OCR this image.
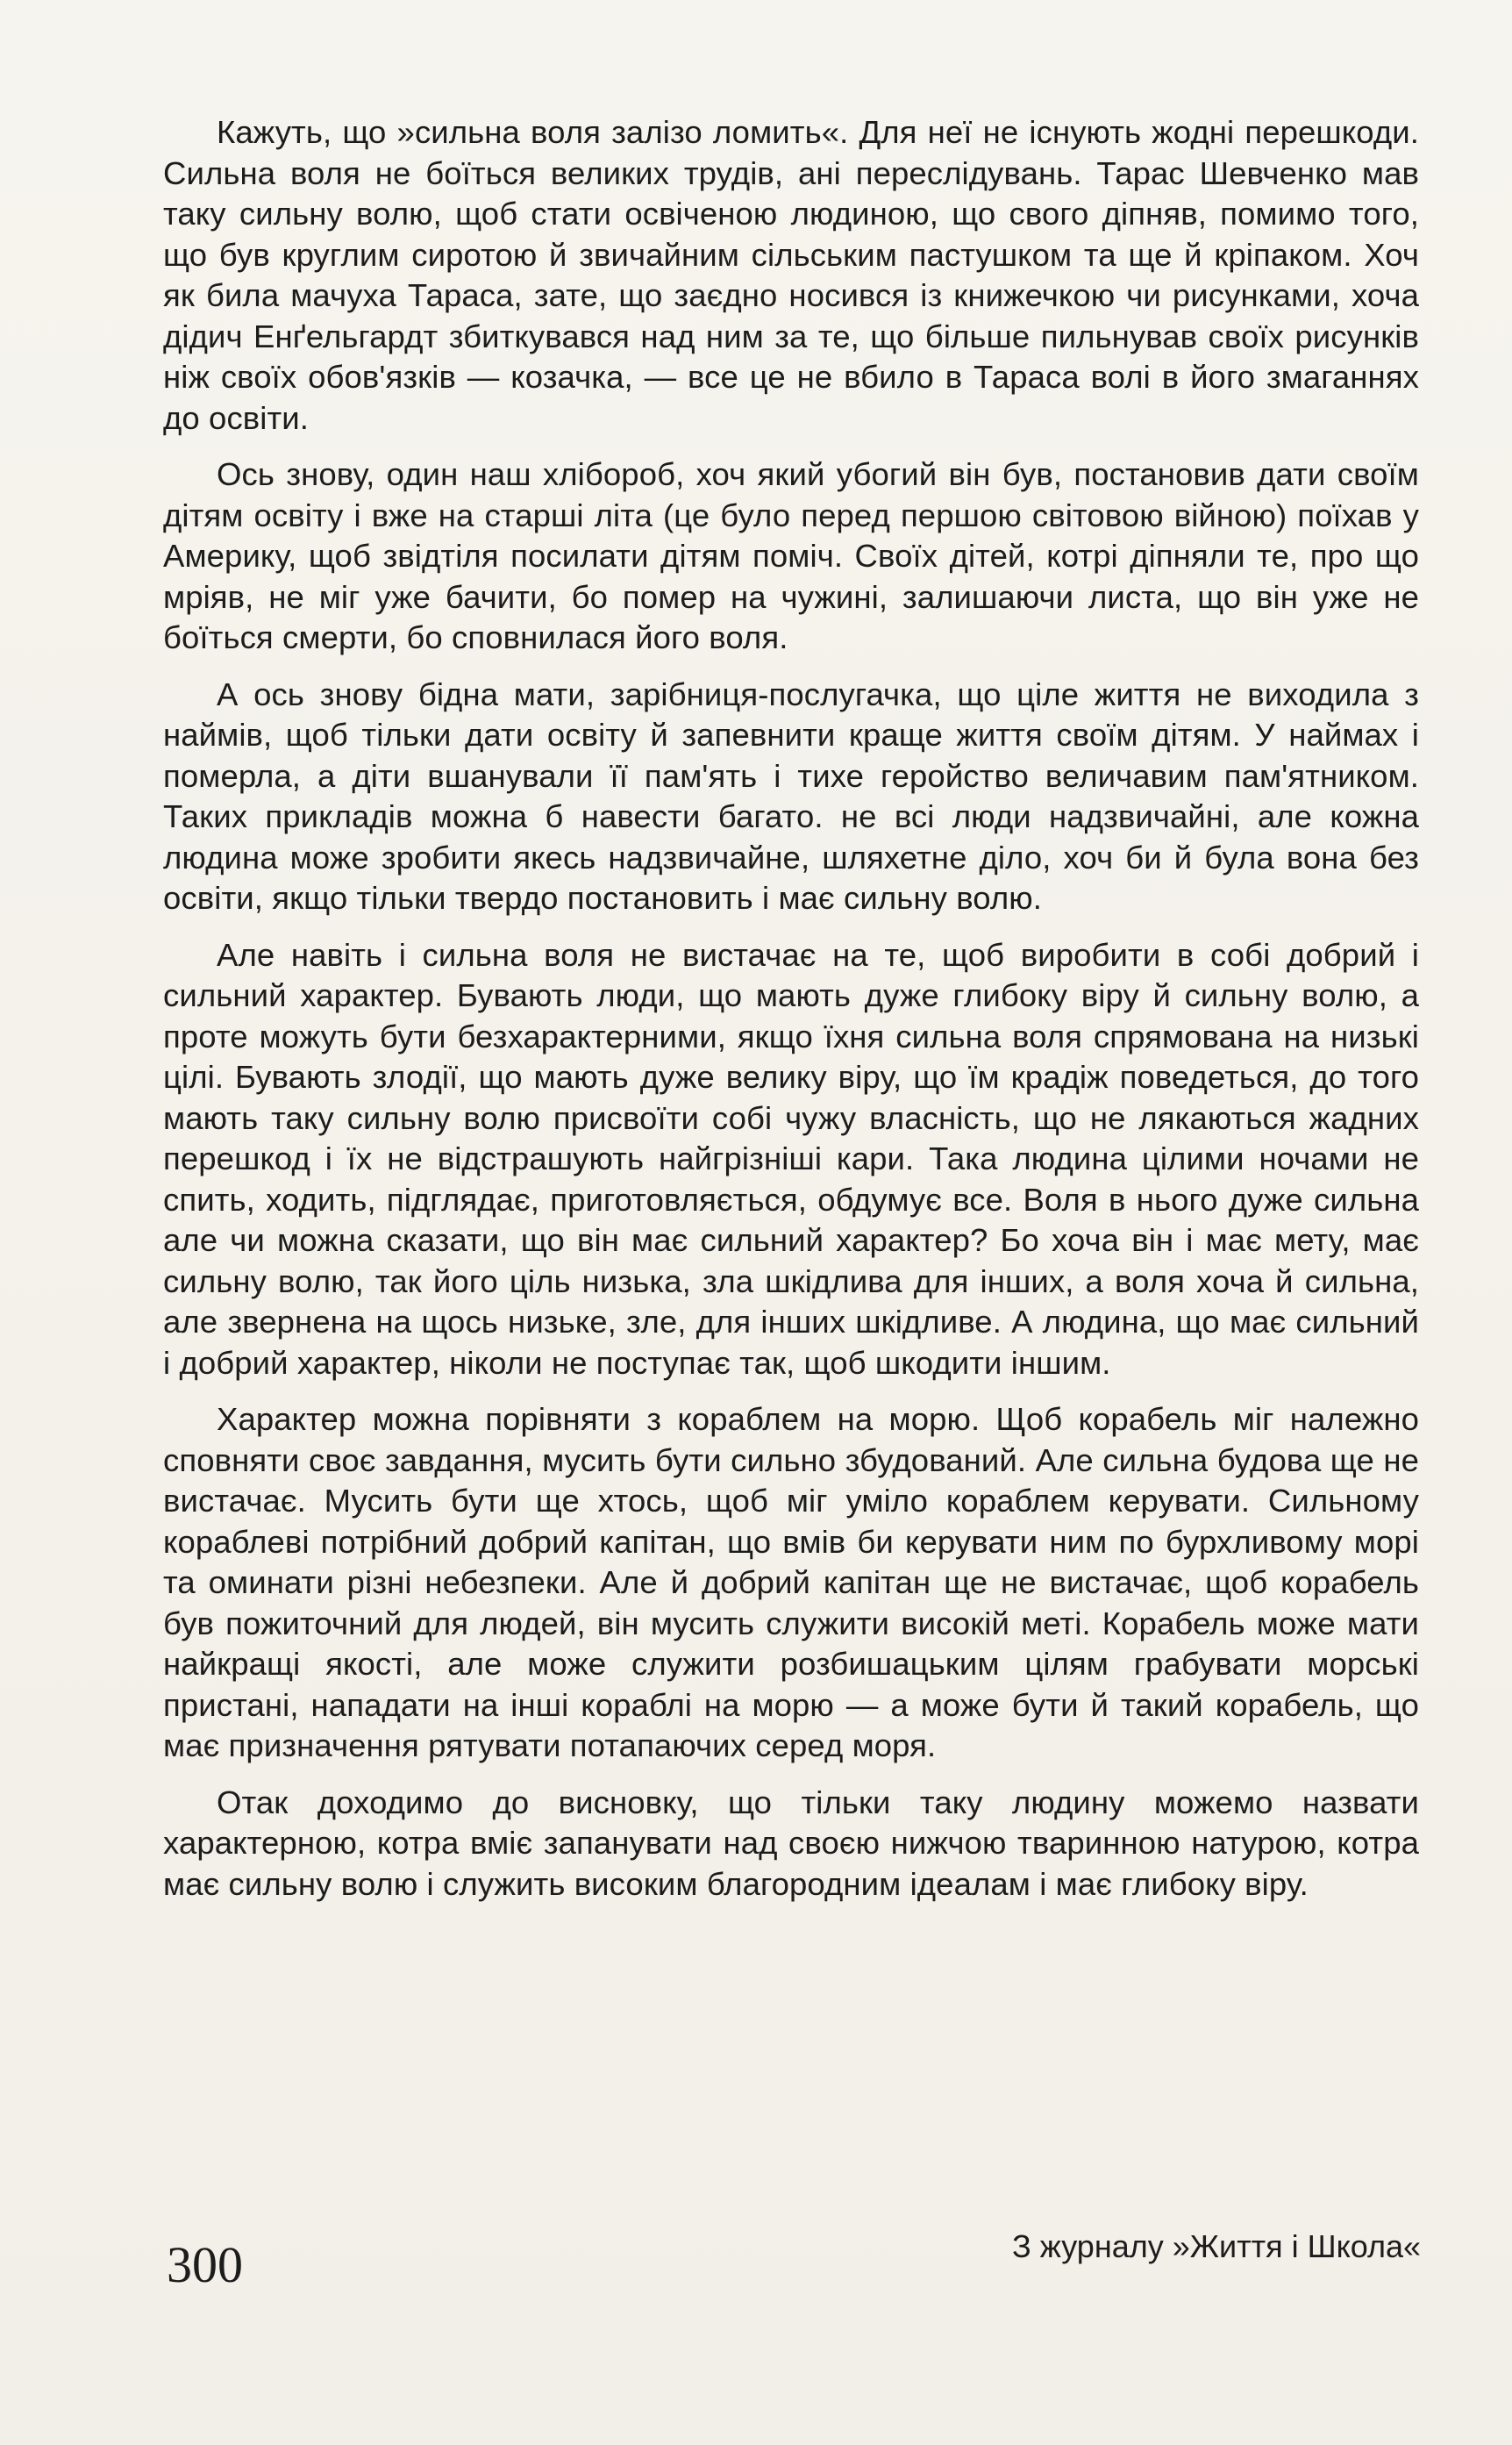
Кажуть, що »сильна воля залізо ломить«. Для неї не існують жодні перешкоди. Сильна воля не боїться великих трудів, ані переслідувань. Тарас Шевченко мав таку сильну волю, щоб стати освіченою людиною, що свого діпняв, помимо того, що був круглим сиротою й звичайним сільським пастушком та ще й кріпаком. Хоч як била мачуха Тараса, зате, що заєдно носився із книжечкою чи рисунками, хоча дідич Енґельгардт збиткувався над ним за те, що більше пильнував своїх рисунків ніж своїх обов'язків — козачка, — все це не вбило в Тараса волі в його змаганнях до освіти.

Ось знову, один наш хлібороб, хоч який убогий він був, постановив дати своїм дітям освіту і вже на старші літа (це було перед першою світовою війною) поїхав у Америку, щоб звідтіля посилати дітям поміч. Своїх дітей, котрі діпняли те, про що мріяв, не міг уже бачити, бо помер на чужині, залишаючи листа, що він уже не боїться смерти, бо сповнилася його воля.

А ось знову бідна мати, зарібниця-послугачка, що ціле життя не виходила з наймів, щоб тільки дати освіту й запевнити краще життя своїм дітям. У наймах і померла, а діти вшанували її пам'ять і тихе геройство величавим пам'ятником. Таких прикладів можна б навести багато. не всі люди надзвичайні, але кожна людина може зробити якесь надзвичайне, шляхетне діло, хоч би й була вона без освіти, якщо тільки твердо постановить і має сильну волю.

Але навіть і сильна воля не вистачає на те, щоб виробити в собі добрий і сильний характер. Бувають люди, що мають дуже глибоку віру й сильну волю, а проте можуть бути безхарактерними, якщо їхня сильна воля спрямована на низькі цілі. Бувають злодії, що мають дуже велику віру, що їм крадіж поведеться, до того мають таку сильну волю присвоїти собі чужу власність, що не лякаються жадних перешкод і їх не відстрашують найгрізніші кари. Така людина цілими ночами не спить, ходить, підглядає, приготовляється, обдумує все. Воля в нього дуже сильна але чи можна сказати, що він має сильний характер? Бо хоча він і має мету, має сильну волю, так його ціль низька, зла шкідлива для інших, а воля хоча й сильна, але звернена на щось низьке, зле, для інших шкідливе. А людина, що має сильний і добрий характер, ніколи не поступає так, щоб шкодити іншим.

Характер можна порівняти з кораблем на морю. Щоб корабель міг належно сповняти своє завдання, мусить бути сильно збудований. Але сильна будова ще не вистачає. Мусить бути ще хтось, щоб міг уміло кораблем керувати. Сильному кораблеві потрібний добрий капітан, що вмів би керувати ним по бурхливому морі та оминати різні небезпеки. Але й добрий капітан ще не вистачає, щоб корабель був пожиточний для людей, він мусить служити високій меті. Корабель може мати найкращі якості, але може служити розбишацьким цілям грабувати морські пристані, нападати на інші кораблі на морю — а може бути й такий корабель, що має призначення рятувати потапаючих серед моря.

Отак доходимо до висновку, що тільки таку людину можемо назвати характерною, котра вміє запанувати над своєю нижчою тваринною натурою, котра має сильну волю і служить високим благородним ідеалам і має глибоку віру.

300	З журналу »Життя і Школа«
